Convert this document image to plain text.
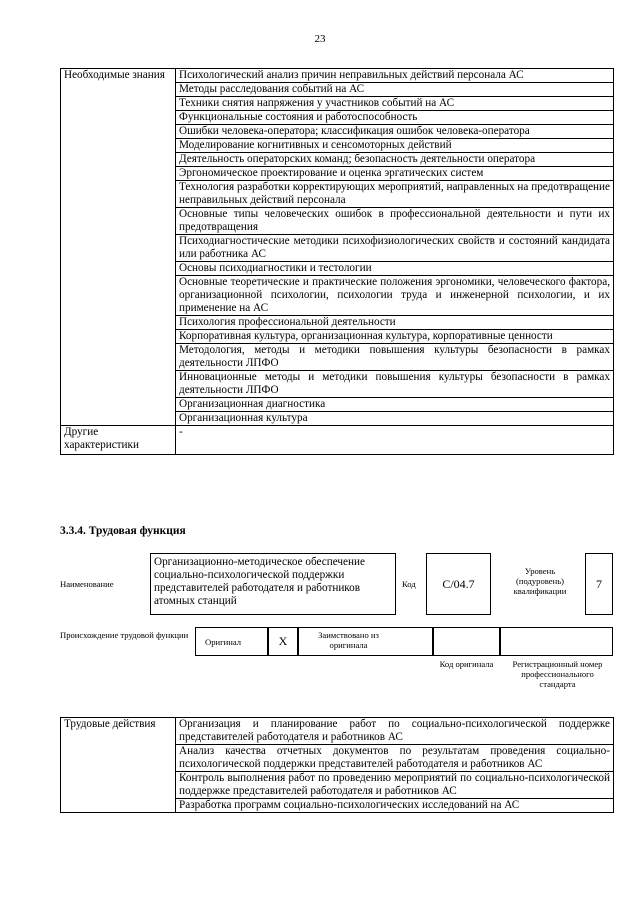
23
Необходимые знания	Психологический анализ причин неправильных действий персонала АС
	Методы расследования событий на АС
	Техники снятия напряжения у участников событий на АС
	Функциональные состояния и работоспособность
	Ошибки человека-оператора; классификация ошибок человека-оператора
	Моделирование когнитивных и сенсомоторных действий
	Деятельность операторских команд; безопасность деятельности оператора
	Эргономическое проектирование и оценка эргатических систем
	Технология разработки корректирующих мероприятий, направленных на предотвращение неправильных действий персонала
	Основные типы человеческих ошибок в профессиональной деятельности и пути их предотвращения
	Психодиагностические методики психофизиологических свойств и состояний кандидата или работника АС
	Основы психодиагностики и тестологии
	Основные теоретические и практические положения эргономики, человеческого фактора, организационной психологии, психологии труда и инженерной психологии, и их применение на АС
	Психология профессиональной деятельности
	Корпоративная культура, организационная культура, корпоративные ценности
	Методология, методы и методики повышения культуры безопасности в рамках деятельности ЛПФО
	Инновационные методы и методики повышения культуры безопасности в рамках деятельности ЛПФО
	Организационная диагностика
	Организационная культура
Другие характеристики	-
3.3.4. Трудовая функция
Наименование
Организационно-методическое обеспечение социально-психологической поддержки представителей работодателя и работников атомных станций
Код	С/04.7
Уровень (подуровень) квалификации	7
Происхождение трудовой функции
Оригинал	X	Заимствовано из оригинала
Код оригинала	Регистрационный номер профессионального стандарта
Трудовые действия	Организация и планирование работ по социально-психологической поддержке представителей работодателя и работников АС
Анализ качества отчетных документов по результатам проведения социально-психологической поддержки представителей работодателя и работников АС
Контроль выполнения работ по проведению мероприятий по социально-психологической поддержке представителей работодателя и работников АС
Разработка программ социально-психологических исследований на АС
